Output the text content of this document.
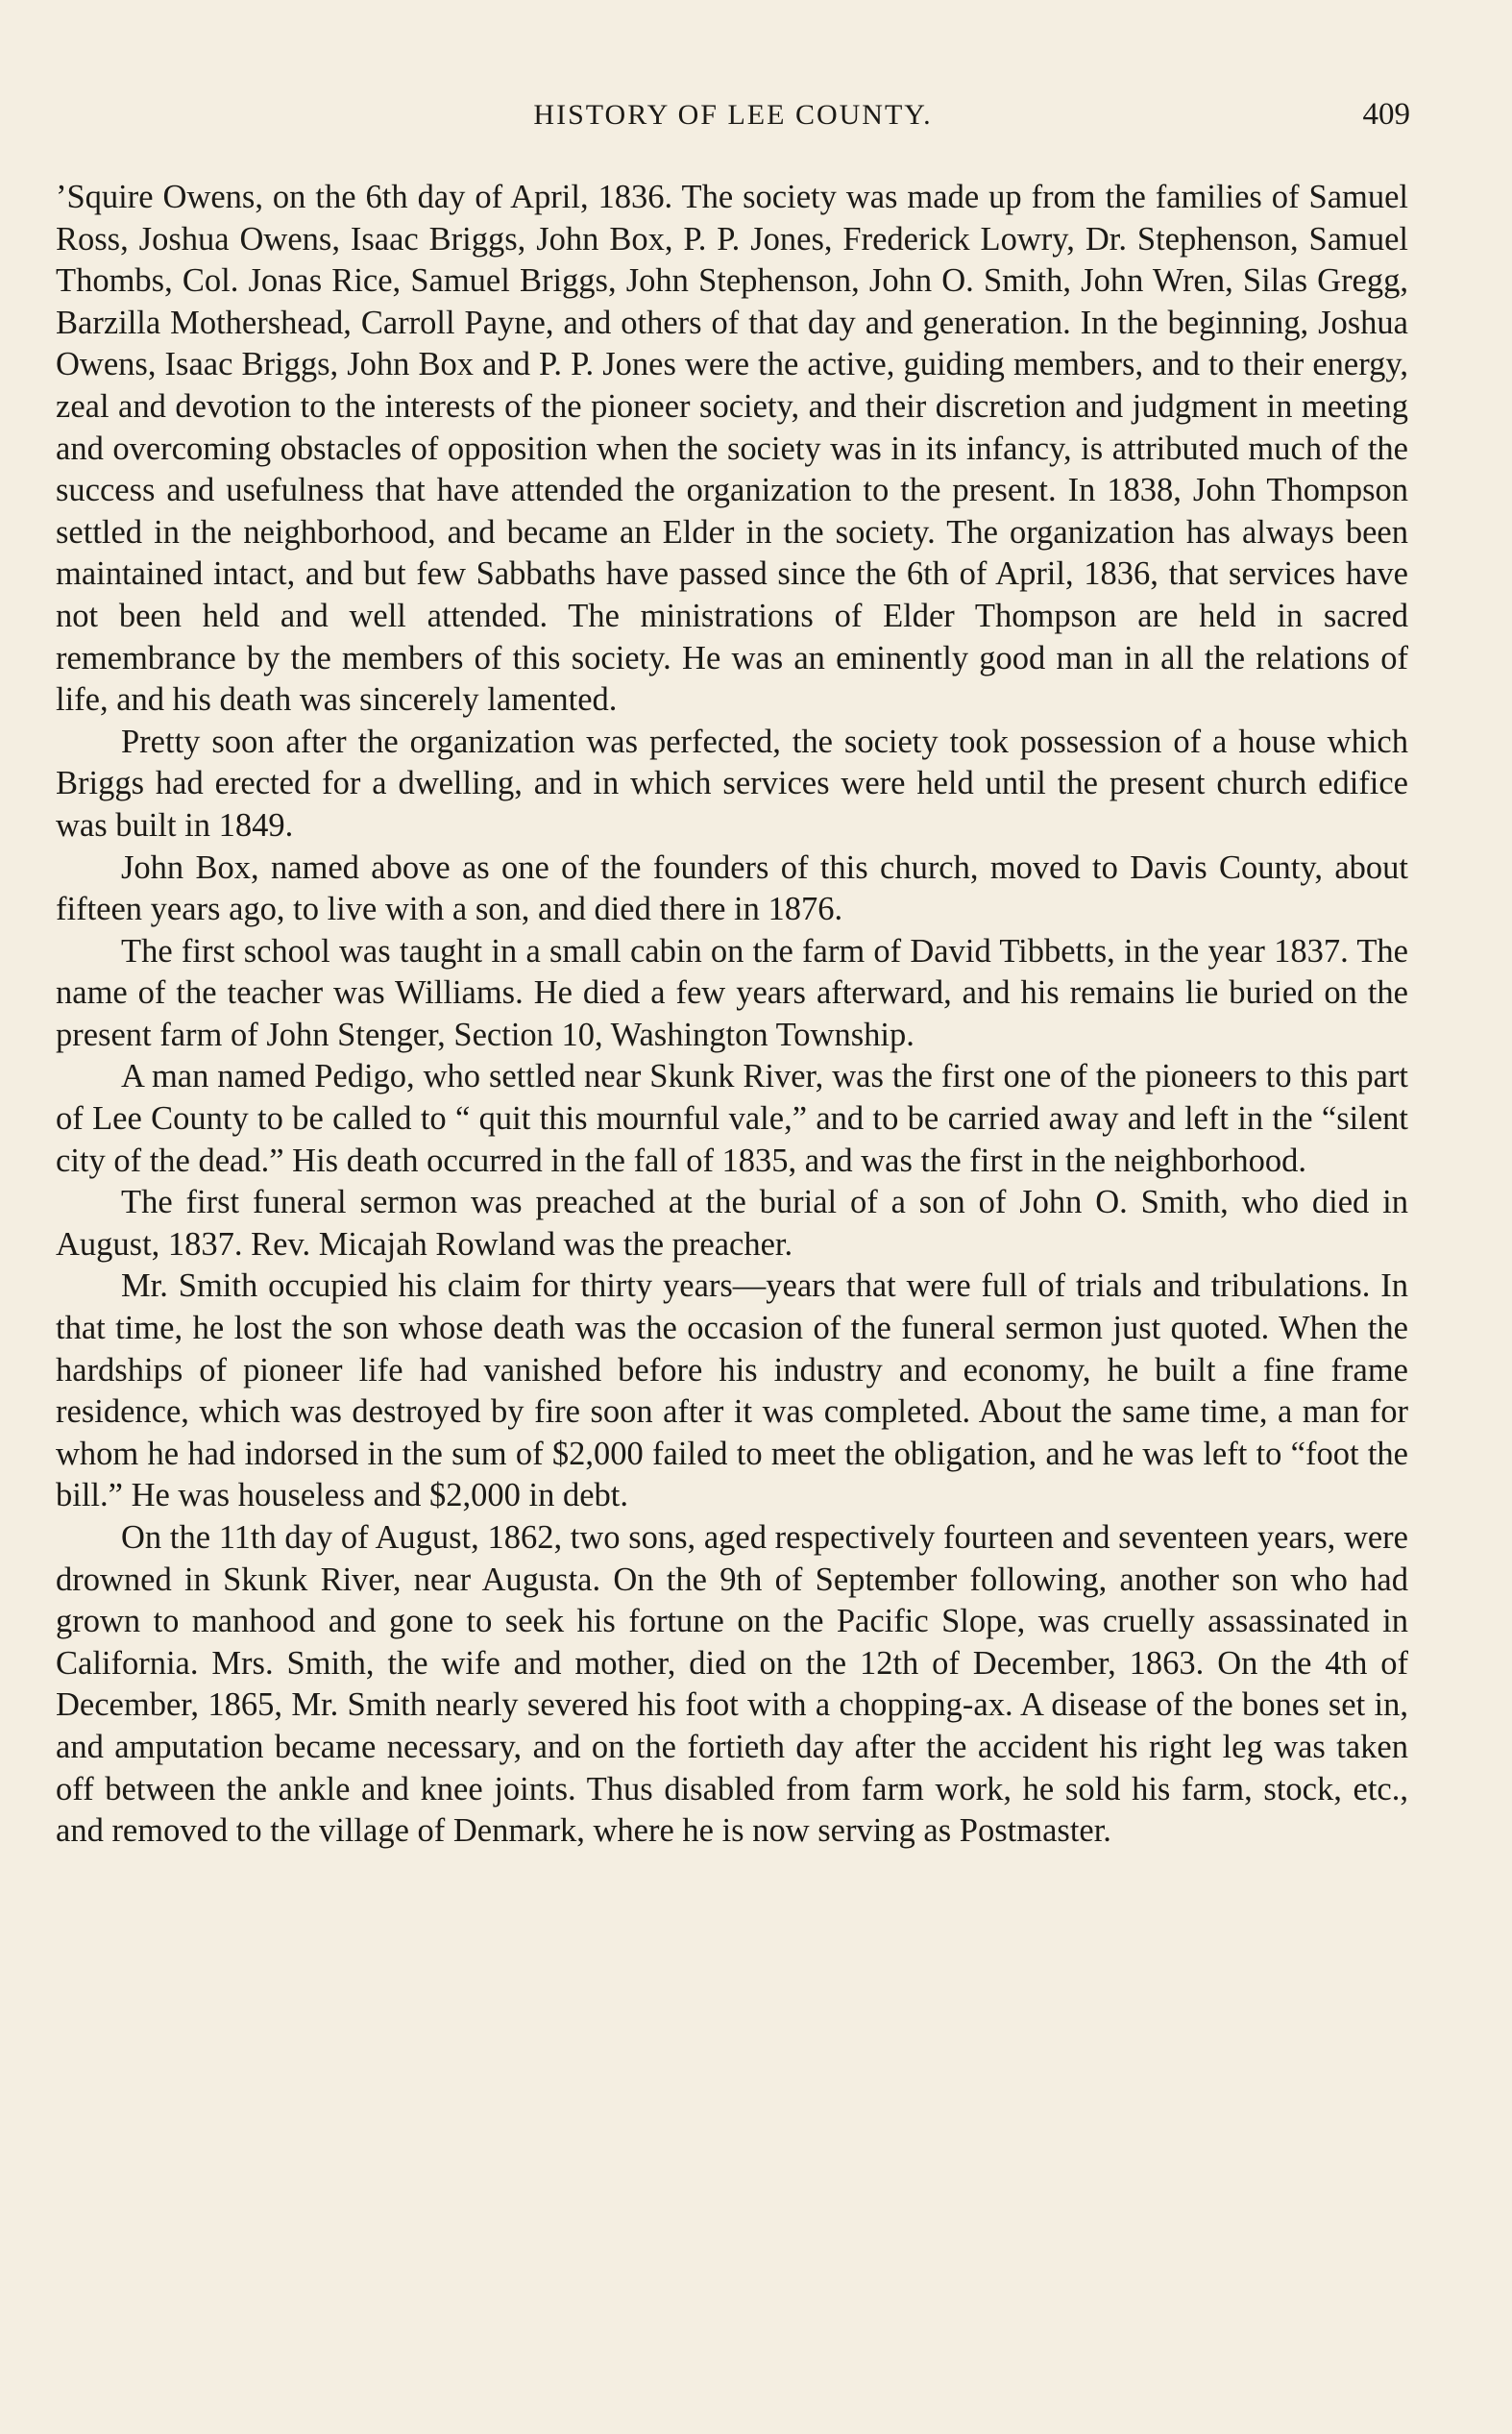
HISTORY OF LEE COUNTY.	409

’Squire Owens, on the 6th day of April, 1836. The society was made up from the families of Samuel Ross, Joshua Owens, Isaac Briggs, John Box, P. P. Jones, Frederick Lowry, Dr. Stephenson, Samuel Thombs, Col. Jonas Rice, Samuel Briggs, John Stephenson, John O. Smith, John Wren, Silas Gregg, Barzilla Mothershead, Carroll Payne, and others of that day and generation. In the beginning, Joshua Owens, Isaac Briggs, John Box and P. P. Jones were the active, guiding members, and to their energy, zeal and devotion to the interests of the pioneer society, and their discretion and judgment in meeting and overcoming obstacles of opposition when the society was in its infancy, is attributed much of the success and usefulness that have attended the organization to the present. In 1838, John Thompson settled in the neighborhood, and became an Elder in the society. The organization has always been maintained intact, and but few Sabbaths have passed since the 6th of April, 1836, that services have not been held and well attended. The ministrations of Elder Thompson are held in sacred remembrance by the members of this society. He was an eminently good man in all the relations of life, and his death was sincerely lamented.

Pretty soon after the organization was perfected, the society took possession of a house which Briggs had erected for a dwelling, and in which services were held until the present church edifice was built in 1849.

John Box, named above as one of the founders of this church, moved to Davis County, about fifteen years ago, to live with a son, and died there in 1876.

The first school was taught in a small cabin on the farm of David Tibbetts, in the year 1837. The name of the teacher was Williams. He died a few years afterward, and his remains lie buried on the present farm of John Stenger, Section 10, Washington Township.

A man named Pedigo, who settled near Skunk River, was the first one of the pioneers to this part of Lee County to be called to “ quit this mournful vale,” and to be carried away and left in the “silent city of the dead.” His death occurred in the fall of 1835, and was the first in the neighborhood.

The first funeral sermon was preached at the burial of a son of John O. Smith, who died in August, 1837. Rev. Micajah Rowland was the preacher.

Mr. Smith occupied his claim for thirty years—years that were full of trials and tribulations. In that time, he lost the son whose death was the occasion of the funeral sermon just quoted. When the hardships of pioneer life had vanished before his industry and economy, he built a fine frame residence, which was destroyed by fire soon after it was completed. About the same time, a man for whom he had indorsed in the sum of $2,000 failed to meet the obligation, and he was left to “foot the bill.” He was houseless and $2,000 in debt.

On the 11th day of August, 1862, two sons, aged respectively fourteen and seventeen years, were drowned in Skunk River, near Augusta. On the 9th of September following, another son who had grown to manhood and gone to seek his fortune on the Pacific Slope, was cruelly assassinated in California. Mrs. Smith, the wife and mother, died on the 12th of December, 1863. On the 4th of December, 1865, Mr. Smith nearly severed his foot with a chopping-ax. A disease of the bones set in, and amputation became necessary, and on the fortieth day after the accident his right leg was taken off between the ankle and knee joints. Thus disabled from farm work, he sold his farm, stock, etc., and removed to the village of Denmark, where he is now serving as Postmaster.
